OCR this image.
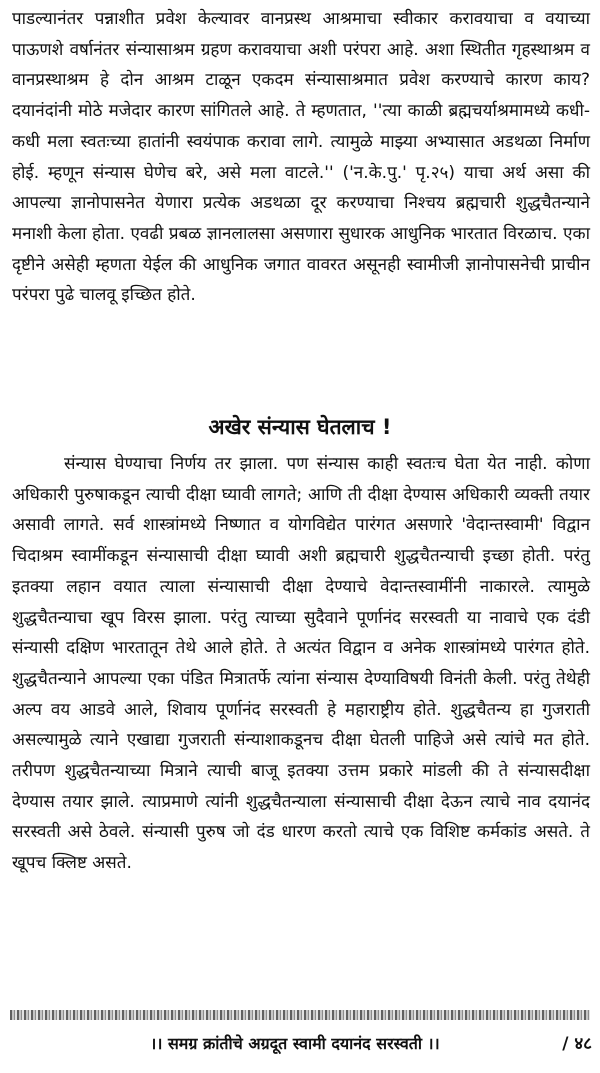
पाडल्यानंतर पन्नाशीत प्रवेश केल्यावर वानप्रस्थ आश्रमाचा स्वीकार करावयाचा व वयाच्या पाऊणशे वर्षानंतर संन्यासाश्रम ग्रहण करावयाचा अशी परंपरा आहे. अशा स्थितीत गृहस्थाश्रम व वानप्रस्थाश्रम हे दोन आश्रम टाळून एकदम संन्यासाश्रमात प्रवेश करण्याचे कारण काय? दयानंदांनी मोठे मजेदार कारण सांगितले आहे. ते म्हणतात, ''त्या काळी ब्रह्मचर्याश्रमामध्ये कधी-कधी मला स्वतःच्या हातांनी स्वयंपाक करावा लागे. त्यामुळे माझ्या अभ्यासात अडथळा निर्माण होई. म्हणून संन्यास घेणेच बरे, असे मला वाटले.'' ('न.के.पु.' पृ.२५) याचा अर्थ असा की आपल्या ज्ञानोपासनेत येणारा प्रत्येक अडथळा दूर करण्याचा निश्चय ब्रह्मचारी शुद्धचैतन्याने मनाशी केला होता. एवढी प्रबळ ज्ञानलालसा असणारा सुधारक आधुनिक भारतात विरळाच. एका दृष्टीने असेही म्हणता येईल की आधुनिक जगात वावरत असूनही स्वामीजी ज्ञानोपासनेची प्राचीन परंपरा पुढे चालवू इच्छित होते.

अखेर संन्यास घेतलाच !

संन्यास घेण्याचा निर्णय तर झाला. पण संन्यास काही स्वतःच घेता येत नाही. कोणा अधिकारी पुरुषाकडून त्याची दीक्षा घ्यावी लागते; आणि ती दीक्षा देण्यास अधिकारी व्यक्ती तयार असावी लागते. सर्व शास्त्रांमध्ये निष्णात व योगविद्येत पारंगत असणारे 'वेदान्तस्वामी' विद्वान चिदाश्रम स्वामींकडून संन्यासाची दीक्षा घ्यावी अशी ब्रह्मचारी शुद्धचैतन्याची इच्छा होती. परंतु इतक्या लहान वयात त्याला संन्यासाची दीक्षा देण्याचे वेदान्तस्वामींनी नाकारले. त्यामुळे शुद्धचैतन्याचा खूप विरस झाला. परंतु त्याच्या सुदैवाने पूर्णानंद सरस्वती या नावाचे एक दंडी संन्यासी दक्षिण भारतातून तेथे आले होते. ते अत्यंत विद्वान व अनेक शास्त्रांमध्ये पारंगत होते. शुद्धचैतन्याने आपल्या एका पंडित मित्रातर्फे त्यांना संन्यास देण्याविषयी विनंती केली. परंतु तेथेही अल्प वय आडवे आले, शिवाय पूर्णानंद सरस्वती हे महाराष्ट्रीय होते. शुद्धचैतन्य हा गुजराती असल्यामुळे त्याने एखाद्या गुजराती संन्याशाकडूनच दीक्षा घेतली पाहिजे असे त्यांचे मत होते. तरीपण शुद्धचैतन्याच्या मित्राने त्याची बाजू इतक्या उत्तम प्रकारे मांडली की ते संन्यासदीक्षा देण्यास तयार झाले. त्याप्रमाणे त्यांनी शुद्धचैतन्याला संन्यासाची दीक्षा देऊन त्याचे नाव दयानंद सरस्वती असे ठेवले. संन्यासी पुरुष जो दंड धारण करतो त्याचे एक विशिष्ट कर्मकांड असते. ते खूपच क्लिष्ट असते.

।। समग्र क्रांतीचे अग्रदूत स्वामी दयानंद सरस्वती ।।	/ ४८
